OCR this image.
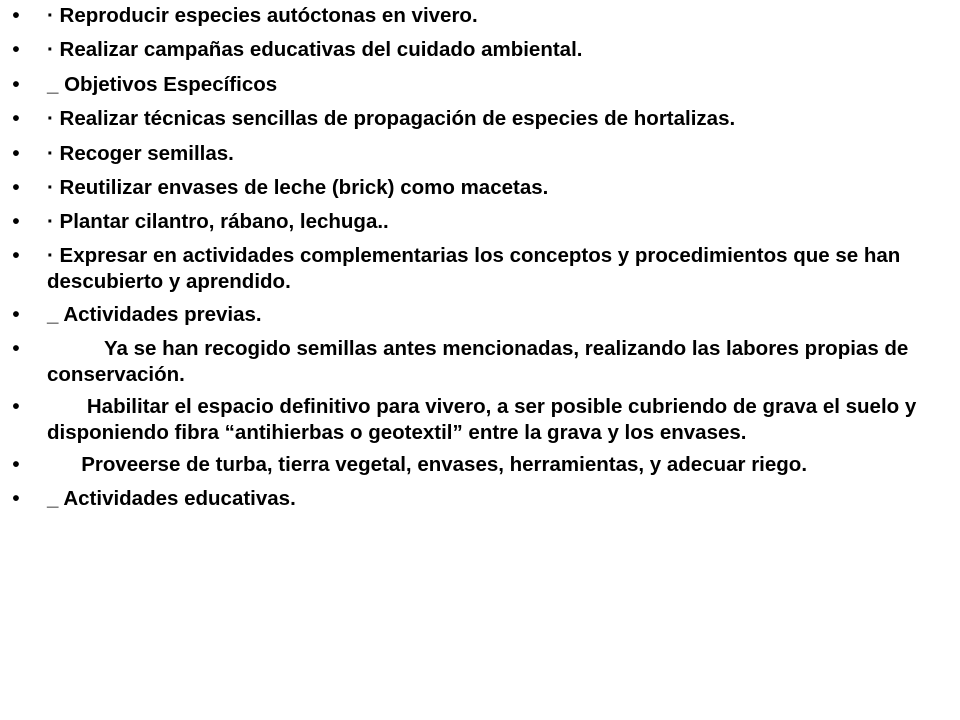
• · Reproducir especies autóctonas en vivero.
• · Realizar campañas educativas del cuidado ambiental.
• _ Objetivos Específicos
• · Realizar técnicas sencillas de propagación de especies de hortalizas.
• · Recoger semillas.
• · Reutilizar envases de leche (brick) como macetas.
• · Plantar cilantro, rábano, lechuga..
• · Expresar en actividades complementarias los conceptos y procedimientos que se han descubierto y aprendido.
• _ Actividades previas.
• Ya se han recogido semillas antes mencionadas, realizando las labores propias de conservación.
• Habilitar el espacio definitivo para vivero, a ser posible cubriendo de grava el suelo y disponiendo fibra “antihierbas o geotextil” entre la grava y los envases.
• Proveerse de turba, tierra vegetal, envases, herramientas, y adecuar riego.
• _ Actividades educativas.
